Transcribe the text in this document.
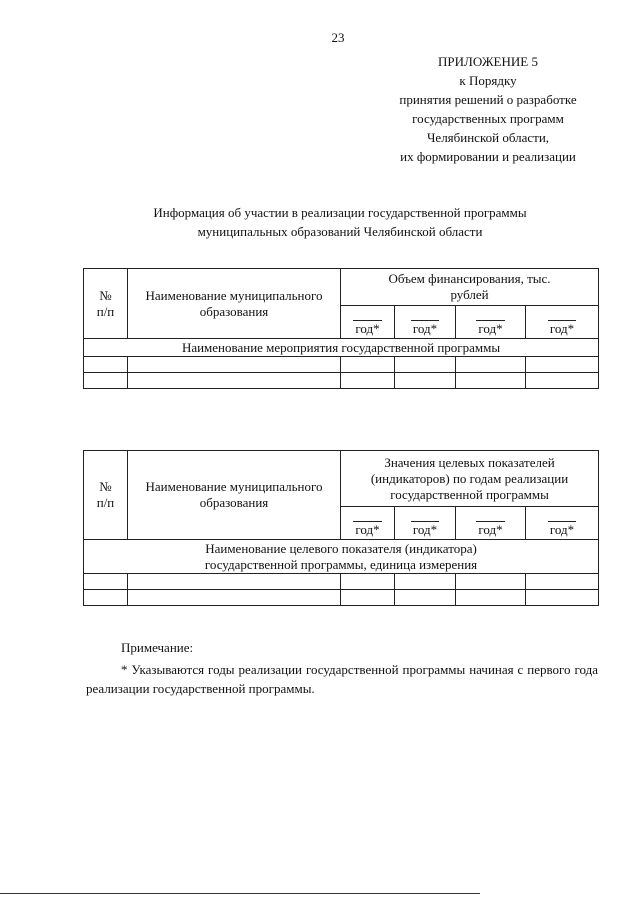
23
ПРИЛОЖЕНИЕ 5
к Порядку
принятия решений о разработке
государственных программ
Челябинской области,
их формировании и реализации
Информация об участии в реализации государственной программы
муниципальных образований Челябинской области
№ п/п	Наименование муниципального образования	Объем финансирования, тыс. рублей			

		год*	год*	год*	год*
Наименование мероприятия государственной программы					

№ п/п	Наименование муниципального образования	Значения целевых показателей (индикаторов) по годам реализации государственной программы			

		год*	год*	год*	год*

Наименование целевого показателя (индикатора) государственной программы, единица измерения					

Примечание:
* Указываются годы реализации государственной программы начиная с первого года реализации государственной программы.
